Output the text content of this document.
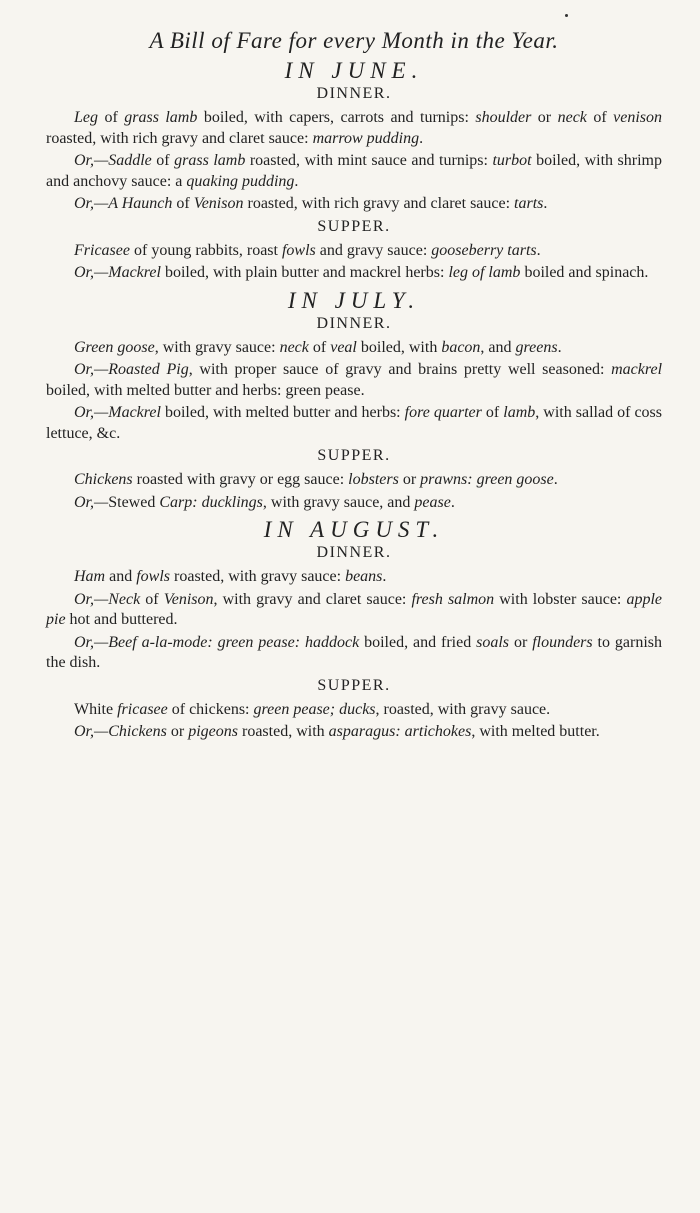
A Bill of Fare for every Month in the Year.
IN JUNE.
DINNER.

Leg of grass lamb boiled, with capers, carrots and turnips: shoulder or neck of venison roasted, with rich gravy and claret sauce: marrow pudding.

Or,—Saddle of grass lamb roasted, with mint sauce and turnips: turbot boiled, with shrimp and anchovy sauce: a quaking pudding.

Or,—A Haunch of Venison roasted, with rich gravy and claret sauce: tarts.

SUPPER.

Fricasee of young rabbits, roast fowls and gravy sauce: gooseberry tarts.

Or,—Mackrel boiled, with plain butter and mackrel herbs: leg of lamb boiled and spinach.

IN JULY.
DINNER.

Green goose, with gravy sauce: neck of veal boiled, with bacon, and greens.

Or,—Roasted Pig, with proper sauce of gravy and brains pretty well seasoned: mackrel boiled, with melted butter and herbs: green pease.

Or,—Mackrel boiled, with melted butter and herbs: fore quarter of lamb, with sallad of coss lettuce, &c.

SUPPER.

Chickens roasted with gravy or egg sauce: lobsters or prawns: green goose.

Or,—Stewed Carp: ducklings, with gravy sauce, and pease.

IN AUGUST.
DINNER.

Ham and fowls roasted, with gravy sauce: beans.

Or,—Neck of Venison, with gravy and claret sauce: fresh salmon with lobster sauce: apple pie hot and buttered.

Or,—Beef a-la-mode: green pease: haddock boiled, and fried soals or flounders to garnish the dish.

SUPPER.

White fricasee of chickens: green pease; ducks, roasted, with gravy sauce.

Or,—Chickens or pigeons roasted, with asparagus: artichokes, with melted butter.
